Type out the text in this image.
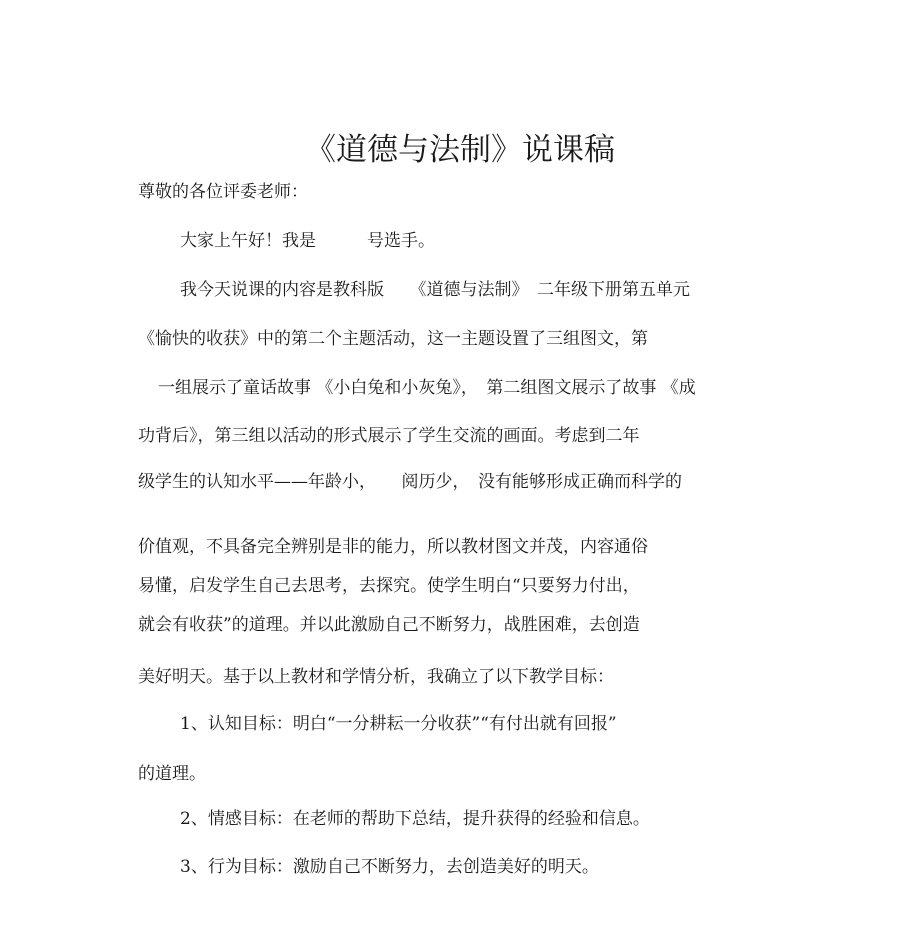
《道德与法制》说课稿
尊敬的各位评委老师：
大家上午好！我是　　　号选手。
我今天说课的内容是教科版　　《道德与法制》　二年级下册第五单元
《愉快的收获》中的第二个主题活动，这一主题设置了三组图文，第
一组展示了童话故事 《小白兔和小灰兔》，　第二组图文展示了故事 《成
功背后》，第三组以活动的形式展示了学生交流的画面。考虑到二年
级学生的认知水平——年龄小，　　阅历少，　没有能够形成正确而科学的
价值观，不具备完全辨别是非的能力，所以教材图文并茂，内容通俗
易懂，启发学生自己去思考，去探究。使学生明白“只要努力付出，
就会有收获”的道理。并以此激励自己不断努力，战胜困难，去创造
美好明天。基于以上教材和学情分析，我确立了以下教学目标：
1、认知目标：明白“一分耕耘一分收获”“有付出就有回报”
的道理。
2、情感目标：在老师的帮助下总结，提升获得的经验和信息。
3、行为目标：激励自己不断努力，去创造美好的明天。
